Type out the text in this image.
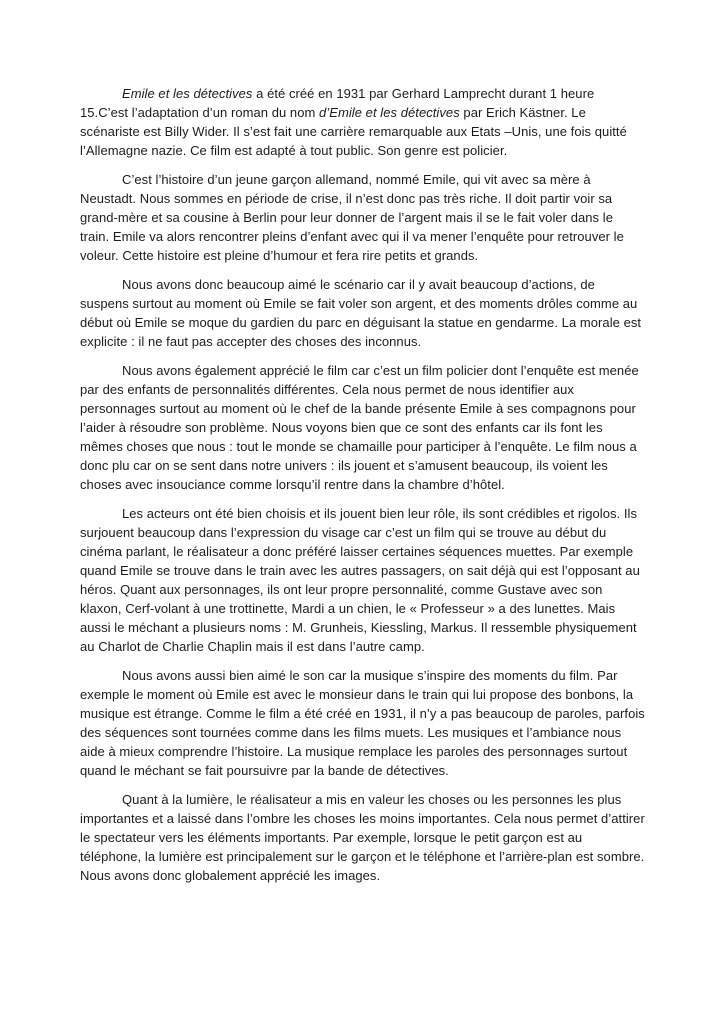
Emile et les détectives a été créé en 1931 par Gerhard Lamprecht durant 1 heure 15.C’est l’adaptation d’un roman du nom d’Emile et les détectives par Erich Kästner. Le scénariste est Billy Wider. Il s’est fait une carrière remarquable aux Etats –Unis, une fois quitté l’Allemagne nazie. Ce film est adapté à tout public. Son genre est policier.

C’est l’histoire d’un jeune garçon allemand, nommé Emile, qui vit avec sa mère à Neustadt. Nous sommes en période de crise, il n’est donc pas très riche. Il doit partir voir sa grand-mère et sa cousine à Berlin pour leur donner de l’argent mais il se le fait voler dans le train. Emile va alors rencontrer pleins d’enfant avec qui il va mener l’enquête pour retrouver le voleur. Cette histoire est pleine d’humour et fera rire petits et grands.

Nous avons donc beaucoup aimé le scénario car il y avait beaucoup d’actions, de suspens surtout au moment où Emile se fait voler son argent, et des moments drôles comme au début où Emile se moque du gardien du parc en déguisant la statue en gendarme. La morale est explicite : il ne faut pas accepter des choses des inconnus.

Nous avons également apprécié le film car c’est un film policier dont l’enquête est menée par des enfants de personnalités différentes. Cela nous permet de nous identifier aux personnages surtout au moment où le chef de la bande présente Emile à ses compagnons pour l’aider à résoudre son problème. Nous voyons bien que ce sont des enfants car ils font les mêmes choses que nous : tout le monde se chamaille pour participer à l’enquête. Le film nous a donc plu car on se sent dans notre univers : ils jouent et s’amusent beaucoup, ils voient les choses avec insouciance comme lorsqu’il rentre dans la chambre d’hôtel.

Les acteurs ont été bien choisis et ils jouent bien leur rôle, ils sont crédibles et rigolos. Ils surjouent beaucoup dans l’expression du visage car c’est un film qui se trouve au début du cinéma parlant, le réalisateur a donc préféré laisser certaines séquences muettes. Par exemple quand Emile se trouve dans le train avec les autres passagers, on sait déjà qui est l’opposant au héros. Quant aux personnages, ils ont leur propre personnalité, comme Gustave avec son klaxon, Cerf-volant à une trottinette, Mardi a un chien, le « Professeur » a des lunettes. Mais aussi le méchant a plusieurs noms : M. Grunheis, Kiessling, Markus. Il ressemble physiquement au Charlot de Charlie Chaplin mais il est dans l’autre camp.

Nous avons aussi bien aimé le son car la musique s’inspire des moments du film. Par exemple le moment où Emile est avec le monsieur dans le train qui lui propose des bonbons, la musique est étrange. Comme le film a été créé en 1931, il n’y a pas beaucoup de paroles, parfois des séquences sont tournées comme dans les films muets. Les musiques et l’ambiance nous aide à mieux comprendre l’histoire. La musique remplace les paroles des personnages surtout quand le méchant se fait poursuivre par la bande de détectives.

Quant à la lumière, le réalisateur a mis en valeur les choses ou les personnes les plus importantes et a laissé dans l’ombre les choses les moins importantes. Cela nous permet d’attirer le spectateur vers les éléments importants. Par exemple, lorsque le petit garçon est au téléphone, la lumière est principalement sur le garçon et le téléphone et l’arrière-plan est sombre. Nous avons donc globalement apprécié les images.
